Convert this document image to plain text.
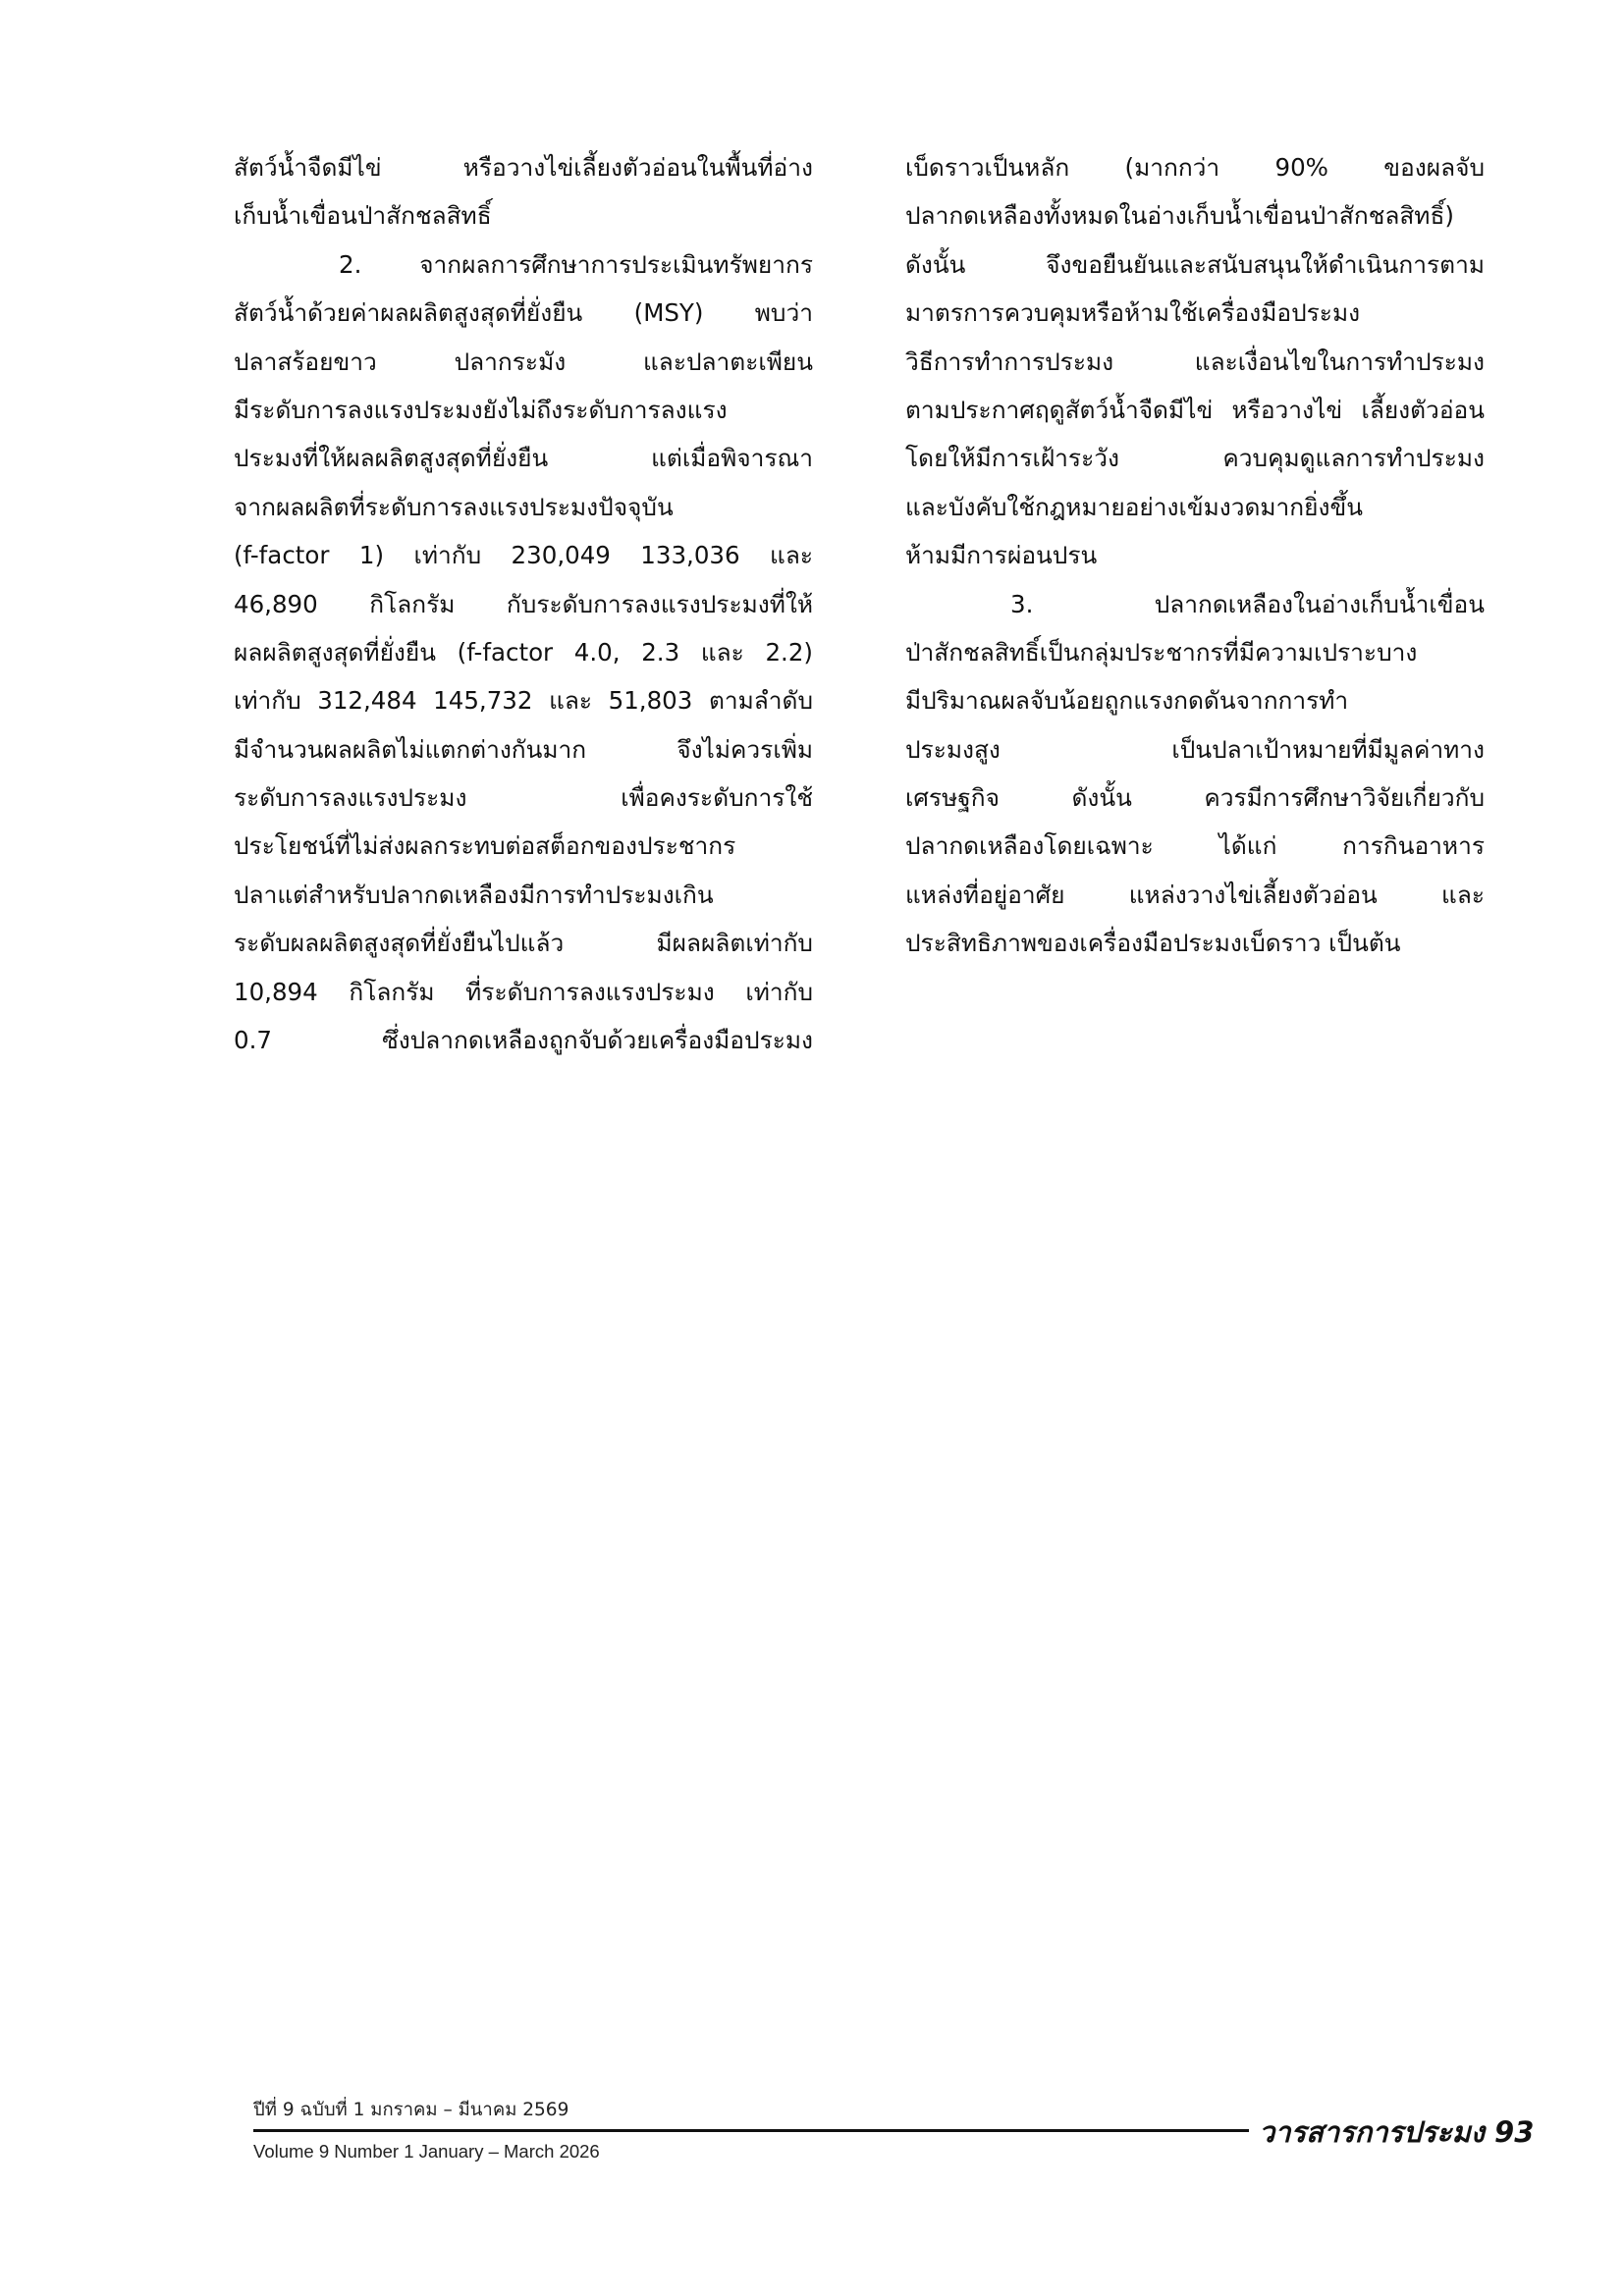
สัตว์น้ำจืดมีไข่ หรือวางไข่เลี้ยงตัวอ่อนในพื้นที่อ่าง
เก็บน้ำเขื่อนป่าสักชลสิทธิ์
2. จากผลการศึกษาการประเมินทรัพยากร
สัตว์น้ำด้วยค่าผลผลิตสูงสุดที่ยั่งยืน (MSY) พบว่า
ปลาสร้อยขาว ปลากระมัง และปลาตะเพียน
มีระดับการลงแรงประมงยังไม่ถึงระดับการลงแรง
ประมงที่ให้ผลผลิตสูงสุดที่ยั่งยืน แต่เมื่อพิจารณา
จากผลผลิตที่ระดับการลงแรงประมงปัจจุบัน
(f-factor 1) เท่ากับ 230,049 133,036 และ
46,890 กิโลกรัม กับระดับการลงแรงประมงที่ให้
ผลผลิตสูงสุดที่ยั่งยืน (f-factor 4.0, 2.3 และ 2.2)
เท่ากับ 312,484 145,732 และ 51,803 ตามลำดับ
มีจำนวนผลผลิตไม่แตกต่างกันมาก จึงไม่ควรเพิ่ม
ระดับการลงแรงประมง เพื่อคงระดับการใช้
ประโยชน์ที่ไม่ส่งผลกระทบต่อสต็อกของประชากร
ปลาแต่สำหรับปลากดเหลืองมีการทำประมงเกิน
ระดับผลผลิตสูงสุดที่ยั่งยืนไปแล้ว มีผลผลิตเท่ากับ
10,894 กิโลกรัม ที่ระดับการลงแรงประมง เท่ากับ
0.7 ซึ่งปลากดเหลืองถูกจับด้วยเครื่องมือประมง
เบ็ดราวเป็นหลัก (มากกว่า 90% ของผลจับ
ปลากดเหลืองทั้งหมดในอ่างเก็บน้ำเขื่อนป่าสักชลสิทธิ์)
ดังนั้น จึงขอยืนยันและสนับสนุนให้ดำเนินการตาม
มาตรการควบคุมหรือห้ามใช้เครื่องมือประมง
วิธีการทำการประมง และเงื่อนไขในการทำประมง
ตามประกาศฤดูสัตว์น้ำจืดมีไข่ หรือวางไข่ เลี้ยงตัวอ่อน
โดยให้มีการเฝ้าระวัง ควบคุมดูแลการทำประมง
และบังคับใช้กฎหมายอย่างเข้มงวดมากยิ่งขึ้น
ห้ามมีการผ่อนปรน
3. ปลากดเหลืองในอ่างเก็บน้ำเขื่อน
ป่าสักชลสิทธิ์เป็นกลุ่มประชากรที่มีความเปราะบาง
มีปริมาณผลจับน้อยถูกแรงกดดันจากการทำ
ประมงสูง เป็นปลาเป้าหมายที่มีมูลค่าทาง
เศรษฐกิจ ดังนั้น ควรมีการศึกษาวิจัยเกี่ยวกับ
ปลากดเหลืองโดยเฉพาะ ได้แก่ การกินอาหาร
แหล่งที่อยู่อาศัย แหล่งวางไข่เลี้ยงตัวอ่อน และ
ประสิทธิภาพของเครื่องมือประมงเบ็ดราว เป็นต้น
ปีที่ 9 ฉบับที่ 1 มกราคม – มีนาคม 2569
วารสารการประมง 93
Volume 9 Number 1 January – March 2026
